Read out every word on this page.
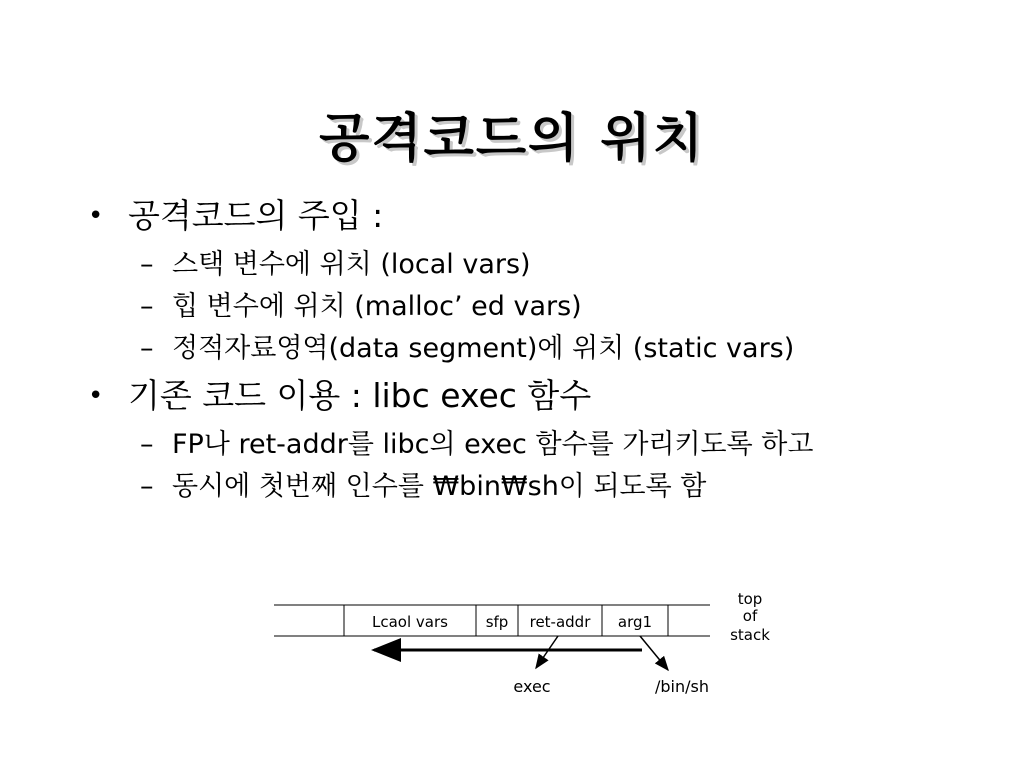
공격코드의 위치
• 공격코드의 주입 :
– 스택 변수에 위치 (local vars)
– 힙 변수에 위치 (malloc’ ed vars)
– 정적자료영역(data segment)에 위치 (static vars)
• 기존 코드 이용 : libc exec 함수
– FP나 ret-addr를 libc의 exec 함수를 가리키도록 하고
– 동시에 첫번째 인수를 ₩bin₩sh이 되도록 함
Lcaol vars	sfp ret-addr arg1
top
of
stack
exec	/bin/sh
